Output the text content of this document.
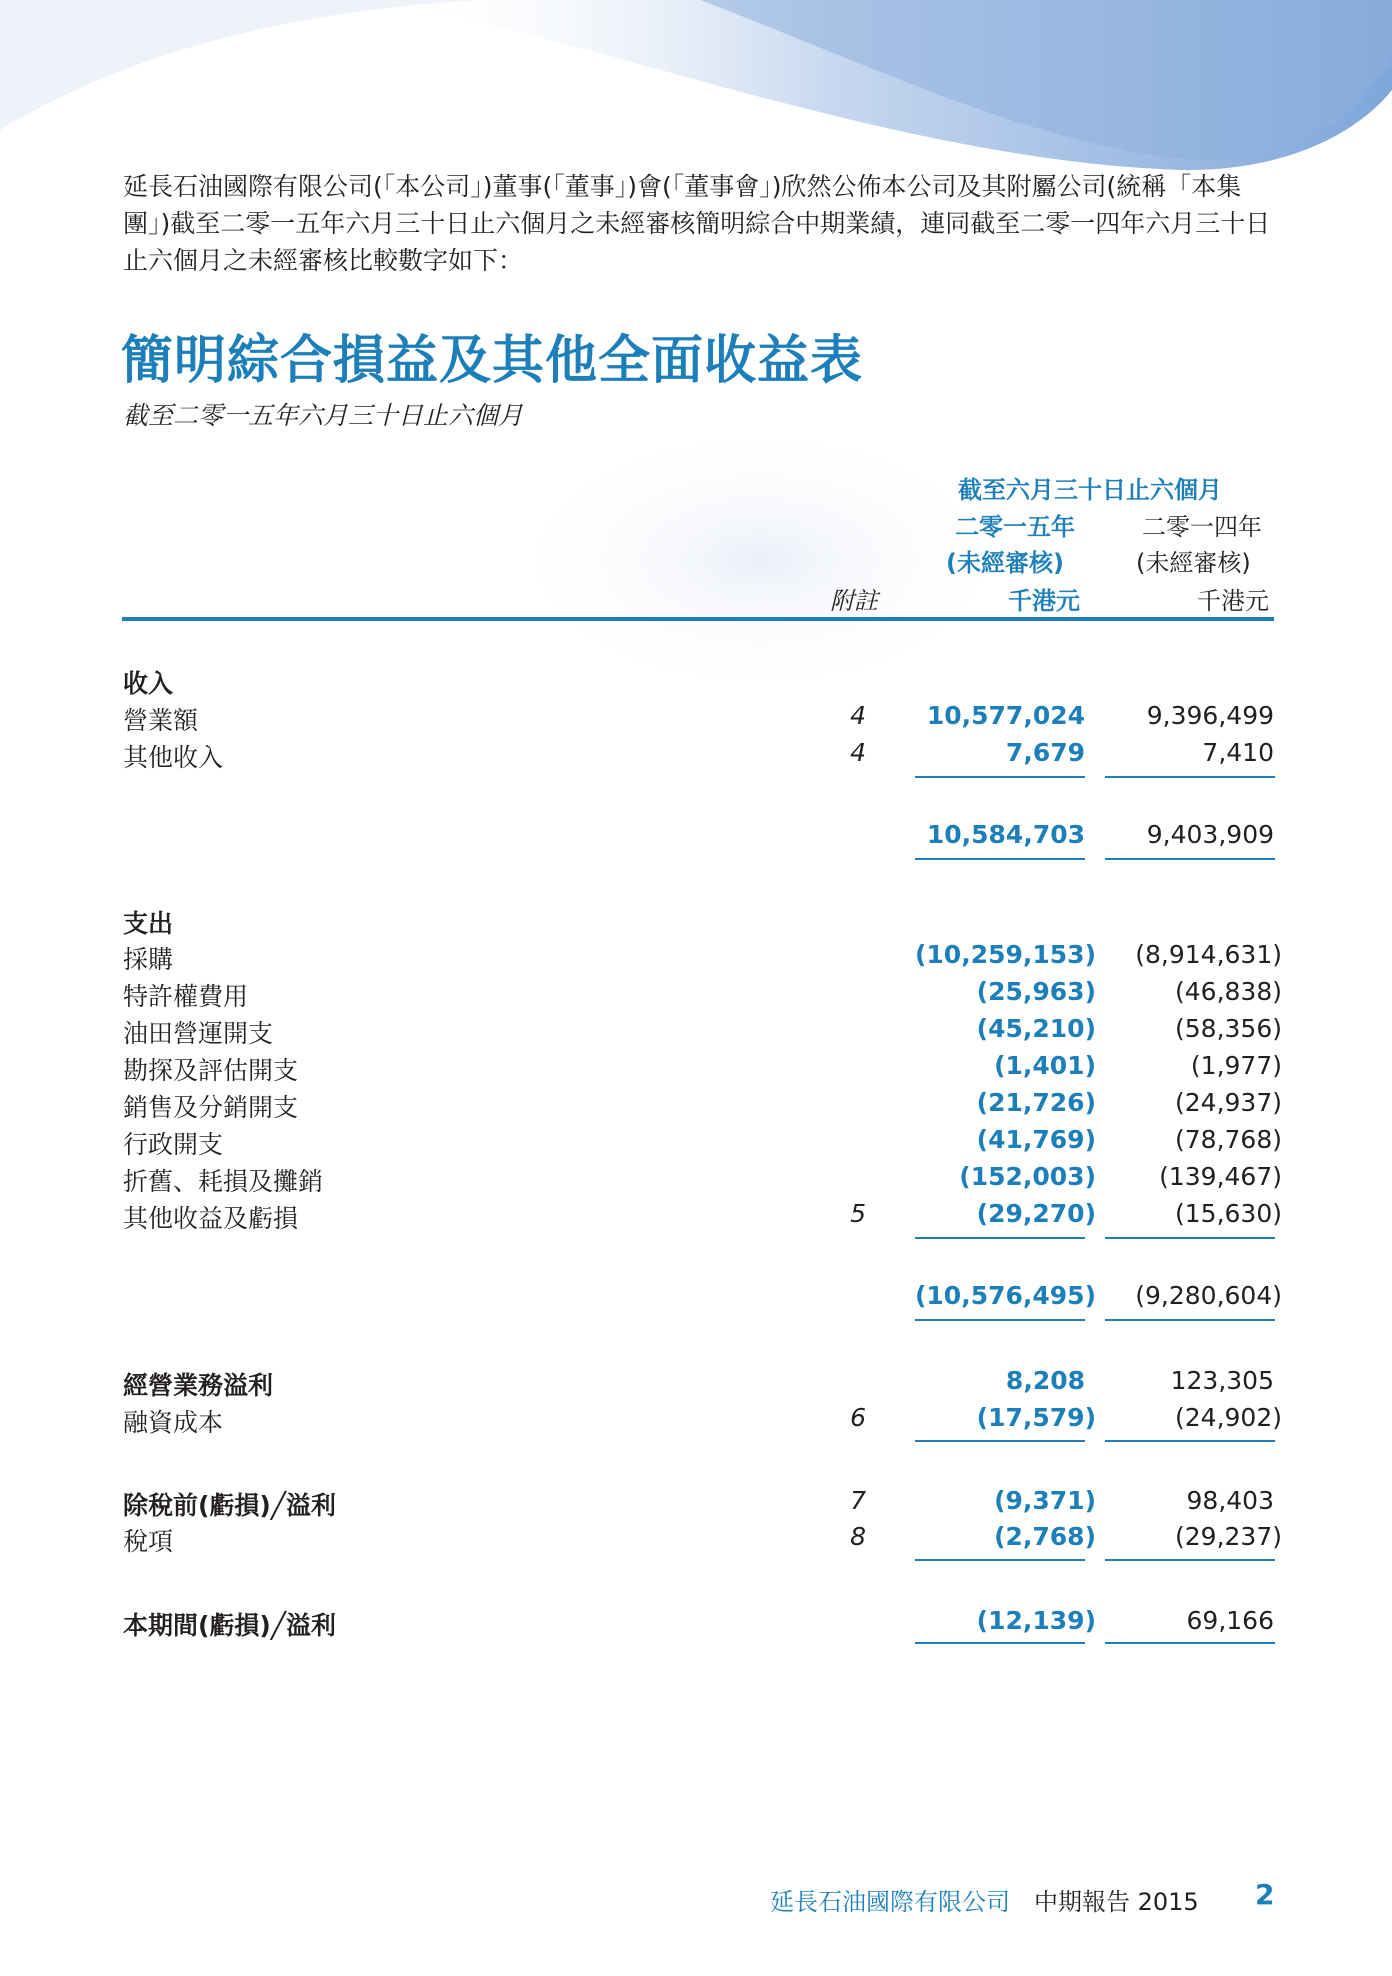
延長石油國際有限公司(「本公司」)董事(「董事」)會(「董事會」)欣然公佈本公司及其附屬公司(統稱「本集團」)截至二零一五年六月三十日止六個月之未經審核簡明綜合中期業績，連同截至二零一四年六月三十日止六個月之未經審核比較數字如下：
簡明綜合損益及其他全面收益表
截至二零一五年六月三十日止六個月
截至六月三十日止六個月
二零一五年	二零一四年
(未經審核)	(未經審核)
附註	千港元	千港元
收入
營業額	4 10,577,024 9,396,499
其他收入	4	7,679	7,410
10,584,703 9,403,909
支出
採購	(10,259,153) (8,914,631)
特許權費用	(25,963)	(46,838)
油田營運開支	(45,210)	(58,356)
勘探及評估開支	(1,401)	(1,977)
銷售及分銷開支	(21,726)	(24,937)
行政開支	(41,769)	(78,768)
折舊、耗損及攤銷	(152,003)	(139,467)
其他收益及虧損	5	(29,270)	(15,630)
(10,576,495) (9,280,604)
經營業務溢利	8,208	123,305
融資成本	6	(17,579)	(24,902)
除稅前(虧損)╱溢利	7	(9,371)	98,403
稅項	8	(2,768)	(29,237)
本期間(虧損)╱溢利	(12,139)	69,166
延長石油國際有限公司 中期報告 2015 2
